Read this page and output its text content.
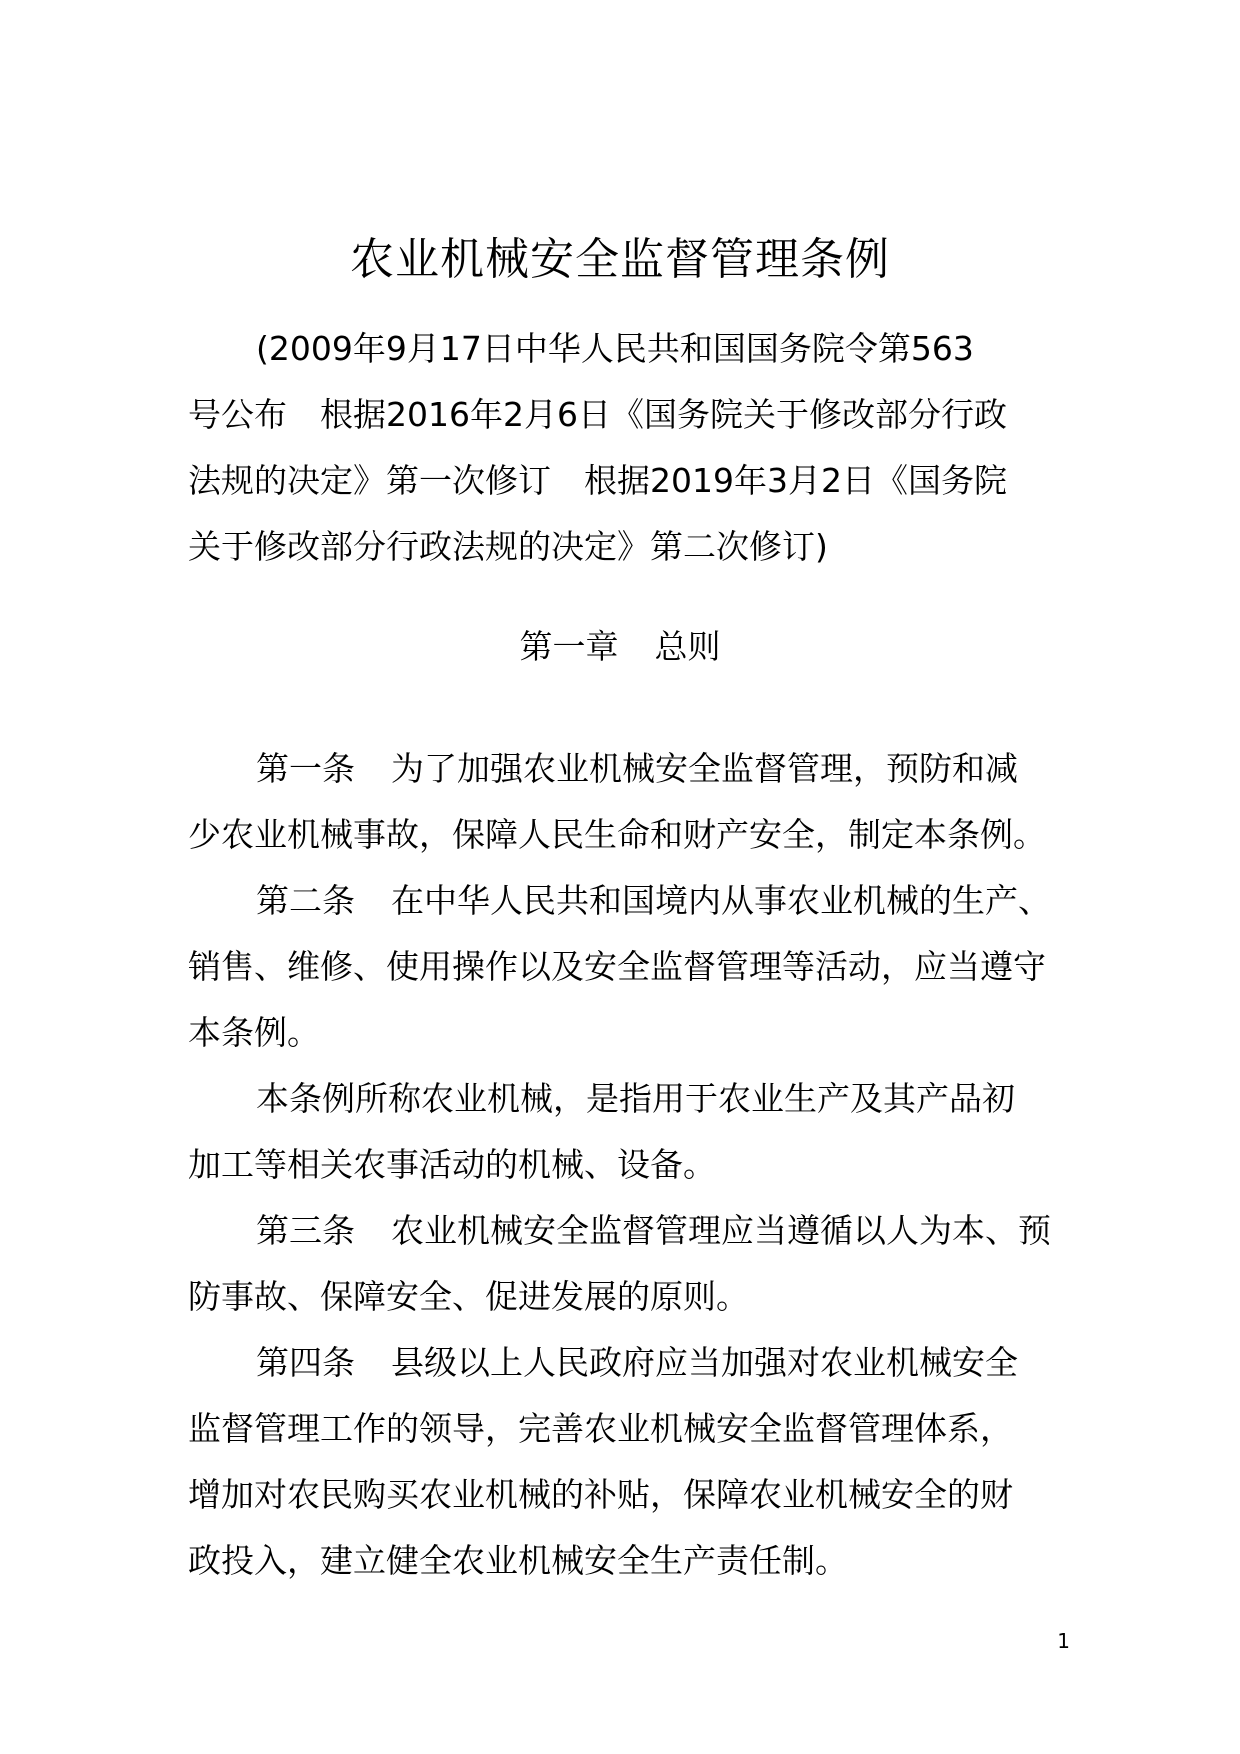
农业机械安全监督管理条例
(2009年9月17日中华人民共和国国务院令第563
号公布　根据2016年2月6日《国务院关于修改部分行政
法规的决定》第一次修订　根据2019年3月2日《国务院
关于修改部分行政法规的决定》第二次修订)
第一章 总则
第一条 为了加强农业机械安全监督管理，预防和减
少农业机械事故，保障人民生命和财产安全，制定本条例。
第二条 在中华人民共和国境内从事农业机械的生产、
销售、维修、使用操作以及安全监督管理等活动，应当遵守
本条例。
本条例所称农业机械，是指用于农业生产及其产品初
加工等相关农事活动的机械、设备。
第三条 农业机械安全监督管理应当遵循以人为本、预
防事故、保障安全、促进发展的原则。
第四条 县级以上人民政府应当加强对农业机械安全
监督管理工作的领导，完善农业机械安全监督管理体系，
增加对农民购买农业机械的补贴，保障农业机械安全的财
政投入，建立健全农业机械安全生产责任制。
1
